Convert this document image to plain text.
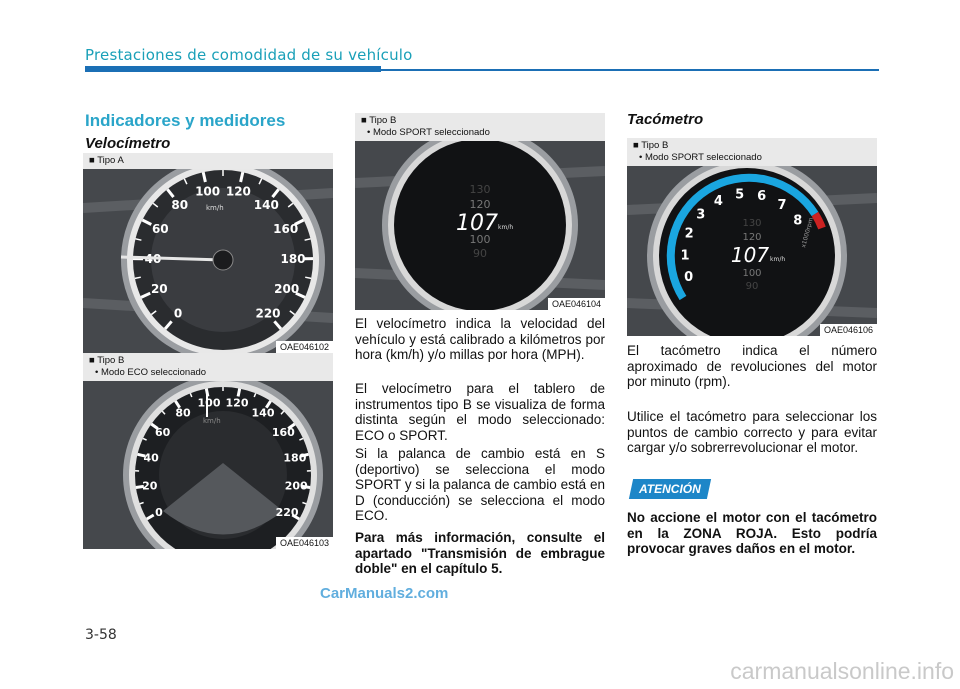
Prestaciones de comodidad de su vehículo
Indicadores y medidores
Velocímetro
0
20
60
80
100 120
140
160
180
200
220
km/h
■ Tipo A
OAE046102
0
20
40
60
80
100 120
140
160
180
200
220
km/h
■ Tipo B
• Modo ECO seleccionado
OAE046103
130
120
107 km/h
100
90
■ Tipo B
• Modo SPORT seleccionado
OAE046104
El velocímetro indica la velocidad del vehículo y está calibrado a kilómetros por hora (km/h) y/o millas por hora (MPH).
El velocímetro para el tablero de instrumentos tipo B se visualiza de forma distinta según el modo seleccionado: ECO o SPORT.
Si la palanca de cambio está en S (deportivo) se selecciona el modo SPORT y si la palanca de cambio está en D (conducción) se selecciona el modo ECO.
Para más información, consulte el apartado "Transmisión de embrague doble" en el capítulo 5.
Tacómetro
0
1
2
3
4 5 6
7
8
x1000rpm
130
120
107 km/h
100
90
■ Tipo B
• Modo SPORT seleccionado
OAE046106
El tacómetro indica el número aproximado de revoluciones del motor por minuto (rpm).
Utilice el tacómetro para seleccionar los puntos de cambio correcto y para evitar cargar y/o sobrerrevolucionar el motor.
ATENCIÓN
No accione el motor con el tacómetro en la ZONA ROJA. Esto podría provocar graves daños en el motor.
3-58
CarManuals2.com
carmanualsonline.info
